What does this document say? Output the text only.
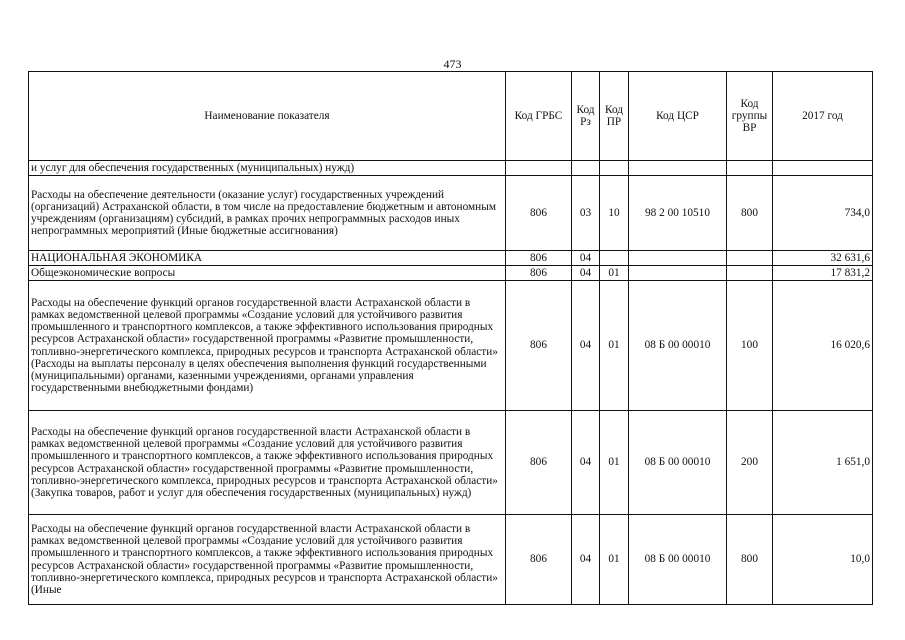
473
Наименование показателя	Код ГРБС	Код Рз	Код ПР	Код ЦСР	Код группы ВР	2017 год
и услуг для обеспечения государственных (муниципальных) нужд)						
Расходы на обеспечение деятельности (оказание услуг) государственных учреждений (организаций) Астраханской области, в том числе на предоставление бюджетным и автономным учреждениям (организациям) субсидий, в рамках прочих непрограммных расходов иных непрограммных мероприятий (Иные бюджетные ассигнования)	806	03	10	98 2 00 10510	800	734,0
НАЦИОНАЛЬНАЯ ЭКОНОМИКА	806	04				32 631,6
Общеэкономические вопросы	806	04	01			17 831,2
Расходы на обеспечение функций органов государственной власти Астраханской области в рамках ведомственной целевой программы «Создание условий для устойчивого развития промышленного и транспортного комплексов, а также эффективного использования природных ресурсов Астраханской области» государственной программы «Развитие промышленности, топливно-энергетического комплекса, природных ресурсов и транспорта Астраханской области» (Расходы на выплаты персоналу в целях обеспечения выполнения функций государственными (муниципальными) органами, казенными учреждениями, органами управления государственными внебюджетными фондами)	806	04	01	08 Б 00 00010	100	16 020,6
Расходы на обеспечение функций органов государственной власти Астраханской области в рамках ведомственной целевой программы «Создание условий для устойчивого развития промышленного и транспортного комплексов, а также эффективного использования природных ресурсов Астраханской области» государственной программы «Развитие промышленности, топливно-энергетического комплекса, природных ресурсов и транспорта Астраханской области» (Закупка товаров, работ и услуг для обеспечения государственных (муниципальных) нужд)	806	04	01	08 Б 00 00010	200	1 651,0
Расходы на обеспечение функций органов государственной власти Астраханской области в рамках ведомственной целевой программы «Создание условий для устойчивого развития промышленного и транспортного комплексов, а также эффективного использования природных ресурсов Астраханской области» государственной программы «Развитие промышленности, топливно-энергетического комплекса, природных ресурсов и транспорта Астраханской области» (Иные	806	04	01	08 Б 00 00010	800	10,0
